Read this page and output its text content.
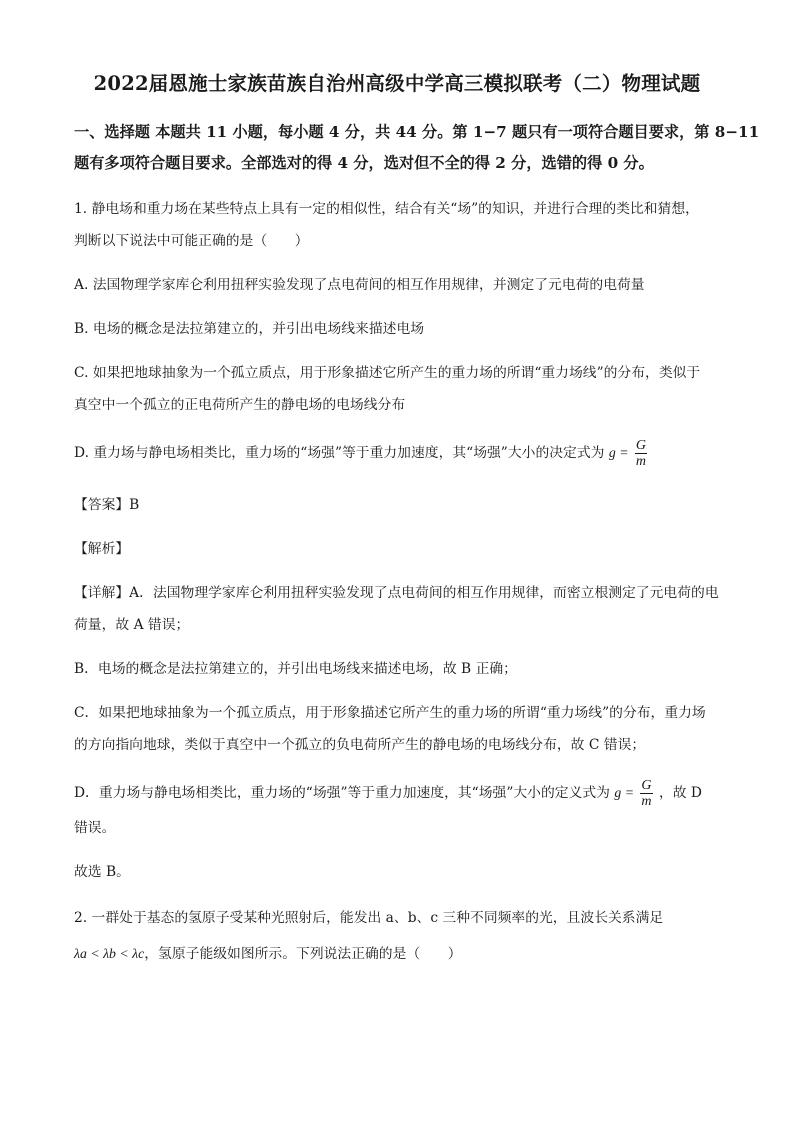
2022届恩施士家族苗族自治州高级中学高三模拟联考（二）物理试题
一、选择题 本题共 11 小题，每小题 4 分，共 44 分。第 1−7 题只有一项符合题目要求，第 8−11
题有多项符合题目要求。全部选对的得 4 分，选对但不全的得 2 分，选错的得 0 分。
1. 静电场和重力场在某些特点上具有一定的相似性，结合有关“场”的知识，并进行合理的类比和猜想，
判断以下说法中可能正确的是（　　）
A. 法国物理学家库仑利用扭秤实验发现了点电荷间的相互作用规律，并测定了元电荷的电荷量
B. 电场的概念是法拉第建立的，并引出电场线来描述电场
C. 如果把地球抽象为一个孤立质点，用于形象描述它所产生的重力场的所谓“重力场线”的分布，类似于
真空中一个孤立的正电荷所产生的静电场的电场线分布
D. 重力场与静电场相类比，重力场的“场强”等于重力加速度，其“场强”大小的决定式为 $g = \frac{G}{m}$
【答案】B
【解析】
【详解】A．法国物理学家库仑利用扭秤实验发现了点电荷间的相互作用规律，而密立根测定了元电荷的电
荷量，故 A 错误；
B．电场的概念是法拉第建立的，并引出电场线来描述电场，故 B 正确；
C．如果把地球抽象为一个孤立质点，用于形象描述它所产生的重力场的所谓“重力场线”的分布，重力场
的方向指向地球，类似于真空中一个孤立的负电荷所产生的静电场的电场线分布，故 C 错误；
D．重力场与静电场相类比，重力场的“场强”等于重力加速度，其“场强”大小的定义式为 $g = \frac{G}{m}$ ，故 D
错误。
故选 B。
2. 一群处于基态的氢原子受某种光照射后，能发出 a、b、c 三种不同频率的光，且波长关系满足
λa < λb < λc，氢原子能级如图所示。下列说法正确的是（　　）
